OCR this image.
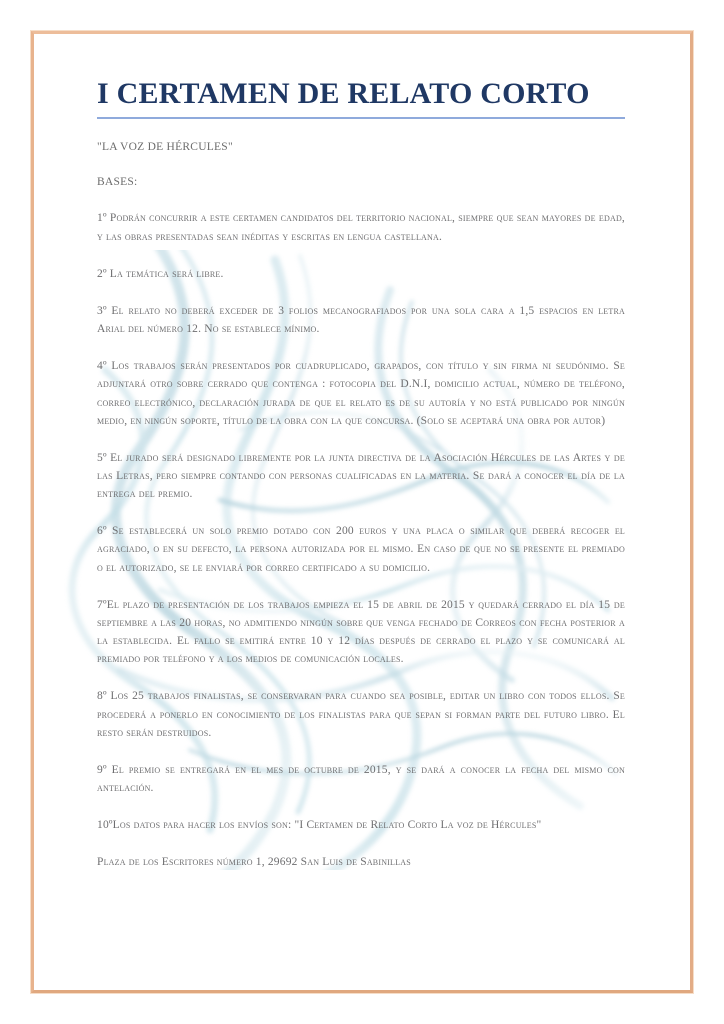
I CERTAMEN DE RELATO CORTO

"LA VOZ DE HÉRCULES"

BASES:

1º Podrán concurrir a este certamen candidatos del territorio nacional, siempre que sean mayores de edad, y las obras presentadas sean inéditas y escritas en lengua castellana.

2º La temática será libre.

3º El relato no deberá exceder de 3 folios mecanografiados por una sola cara a 1,5 espacios en letra Arial del número 12. No se establece mínimo.

4º Los trabajos serán presentados por cuadruplicado, grapados, con título y sin firma ni seudónimo. Se adjuntará otro sobre cerrado que contenga : fotocopia del D.N.I, domicilio actual, número de teléfono, correo electrónico, declaración jurada de que el relato es de su autoría y no está publicado por ningún medio, en ningún soporte, título de la obra con la que concursa. (Solo se aceptará una obra por autor)

5º El jurado será designado libremente por la junta directiva de la Asociación Hércules de las Artes y de las Letras, pero siempre contando con personas cualificadas en la materia. Se dará a conocer el día de la entrega del premio.

6º Se establecerá un solo premio dotado con 200 euros y una placa o similar que deberá recoger el agraciado, o en su defecto, la persona autorizada por el mismo. En caso de que no se presente el premiado o el autorizado, se le enviará por correo certificado a su domicilio.

7ºEl plazo de presentación de los trabajos empieza el 15 de abril de 2015 y quedará cerrado el día 15 de septiembre a las 20 horas, no admitiendo ningún sobre que venga fechado de Correos con fecha posterior a la establecida. El fallo se emitirá entre 10 y 12 días después de cerrado el plazo y se comunicará al premiado por teléfono y a los medios de comunicación locales.

8º Los 25 trabajos finalistas, se conservaran para cuando sea posible, editar un libro con todos ellos. Se procederá a ponerlo en conocimiento de los finalistas para que sepan si forman parte del futuro libro. El resto serán destruidos.

9º El premio se entregará en el mes de octubre de 2015, y se dará a conocer la fecha del mismo con antelación.

10ºLos datos para hacer los envíos son: "I Certamen de Relato Corto La voz de Hércules"

Plaza de los Escritores número 1, 29692 San Luis de Sabinillas
